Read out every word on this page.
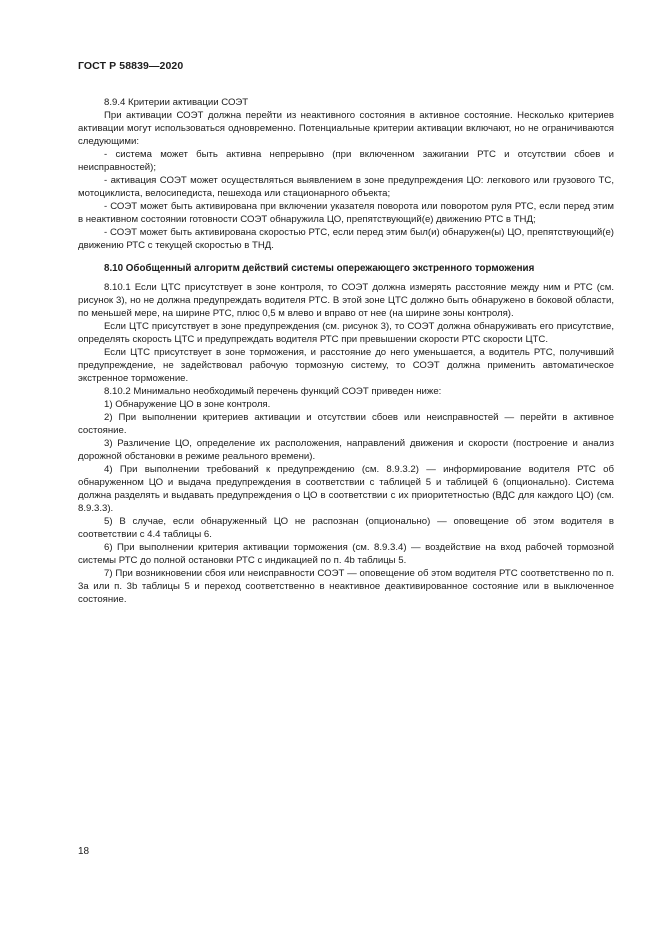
ГОСТ Р 58839—2020

8.9.4 Критерии активации СОЭТ

При активации СОЭТ должна перейти из неактивного состояния в активное состояние. Несколько критериев активации могут использоваться одновременно. Потенциальные критерии активации включают, но не ограничиваются следующими:

- система может быть активна непрерывно (при включенном зажигании РТС и отсутствии сбоев и неисправностей);

- активация СОЭТ может осуществляться выявлением в зоне предупреждения ЦО: легкового или грузового ТС, мотоциклиста, велосипедиста, пешехода или стационарного объекта;

- СОЭТ может быть активирована при включении указателя поворота или поворотом руля РТС, если перед этим в неактивном состоянии готовности СОЭТ обнаружила ЦО, препятствующий(е) движению РТС в ТНД;

- СОЭТ может быть активирована скоростью РТС, если перед этим был(и) обнаружен(ы) ЦО, препятствующий(е) движению РТС с текущей скоростью в ТНД.

8.10 Обобщенный алгоритм действий системы опережающего экстренного торможения

8.10.1 Если ЦТС присутствует в зоне контроля, то СОЭТ должна измерять расстояние между ним и РТС (см. рисунок 3), но не должна предупреждать водителя РТС. В этой зоне ЦТС должно быть обнаружено в боковой области, по меньшей мере, на ширине РТС, плюс 0,5 м влево и вправо от нее (на ширине зоны контроля).

Если ЦТС присутствует в зоне предупреждения (см. рисунок 3), то СОЭТ должна обнаруживать его присутствие, определять скорость ЦТС и предупреждать водителя РТС при превышении скорости РТС скорости ЦТС.

Если ЦТС присутствует в зоне торможения, и расстояние до него уменьшается, а водитель РТС, получивший предупреждение, не задействовал рабочую тормозную систему, то СОЭТ должна применить автоматическое экстренное торможение.

8.10.2 Минимально необходимый перечень функций СОЭТ приведен ниже:

1) Обнаружение ЦО в зоне контроля.

2) При выполнении критериев активации и отсутствии сбоев или неисправностей — перейти в активное состояние.

3) Различение ЦО, определение их расположения, направлений движения и скорости (построение и анализ дорожной обстановки в режиме реального времени).

4) При выполнении требований к предупреждению (см. 8.9.3.2) — информирование водителя РТС об обнаруженном ЦО и выдача предупреждения в соответствии с таблицей 5 и таблицей 6 (опционально). Система должна разделять и выдавать предупреждения о ЦО в соответствии с их приоритетностью (ВДС для каждого ЦО) (см. 8.9.3.3).

5) В случае, если обнаруженный ЦО не распознан (опционально) — оповещение об этом водителя в соответствии с 4.4 таблицы 6.

6) При выполнении критерия активации торможения (см. 8.9.3.4) — воздействие на вход рабочей тормозной системы РТС до полной остановки РТС с индикацией по п. 4b таблицы 5.

7) При возникновении сбоя или неисправности СОЭТ — оповещение об этом водителя РТС соответственно по п. 3a или п. 3b таблицы 5 и переход соответственно в неактивное деактивированное состояние или в выключенное состояние.

18
